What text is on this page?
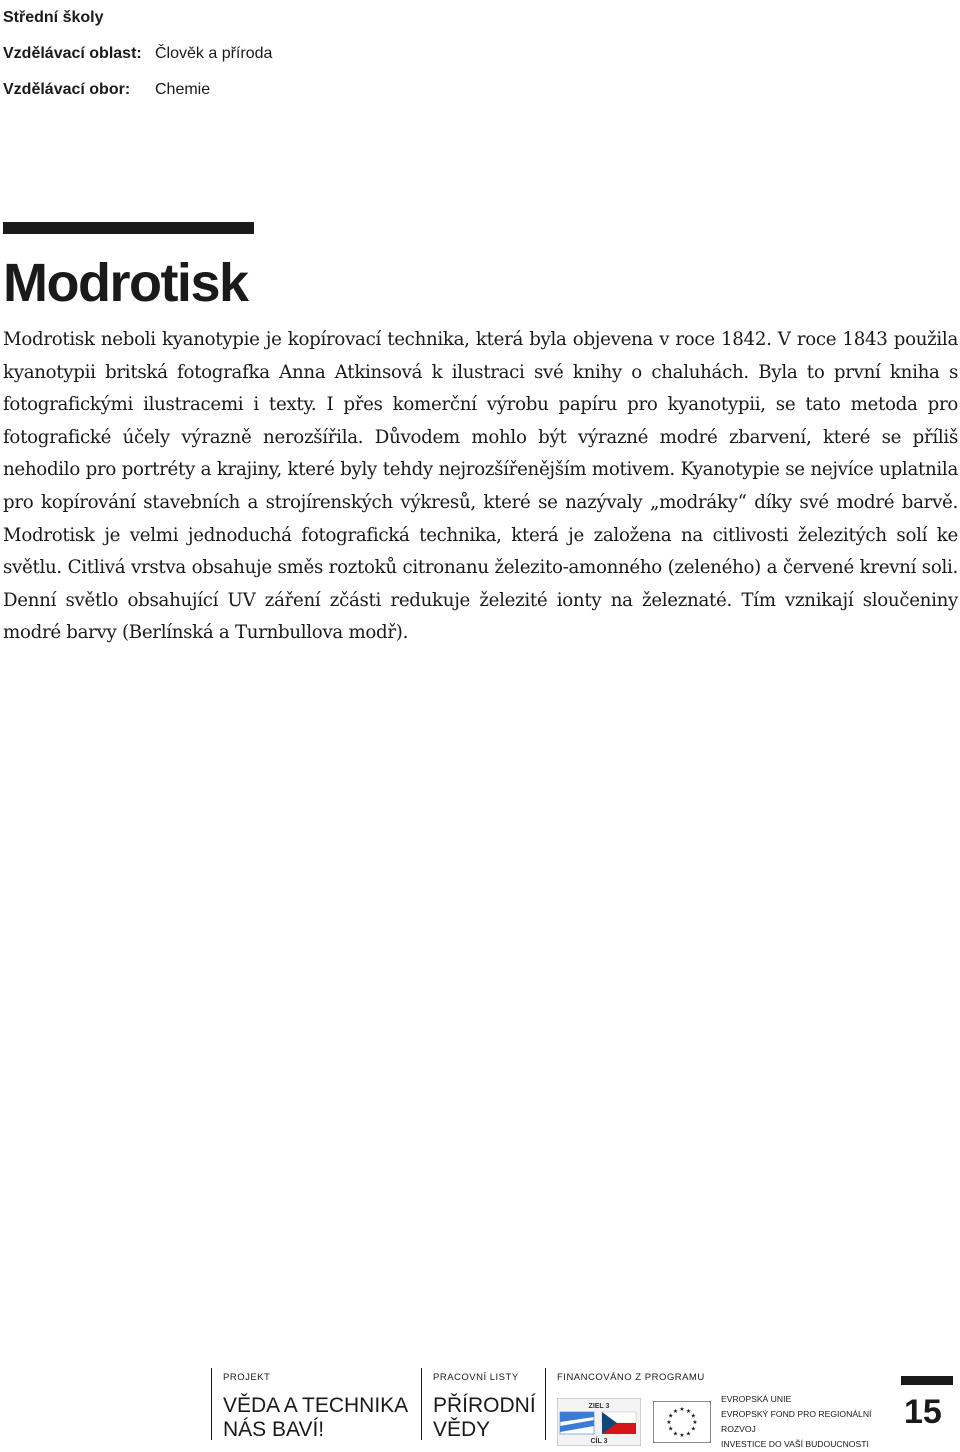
Střední školy
Vzdělávací oblast: Člověk a příroda
Vzdělávací obor:	Chemie
Modrotisk

Modrotisk neboli kyanotypie je kopírovací technika, která byla objevena v roce 1842. V roce 1843 použila kyanotypii britská fotografka Anna Atkinsová k ilustraci své knihy o chaluhách. Byla to první kniha s fotografickými ilustracemi i texty. I přes komerční výrobu papíru pro kyanotypii, se tato metoda pro fotografické účely výrazně nerozšířila. Důvodem mohlo být výrazné modré zbarvení, které se příliš nehodilo pro portréty a krajiny, které byly tehdy nejrozšířenějším motivem. Kyanotypie se nejvíce uplatnila pro kopírování stavebních a strojírenských výkresů, které se nazývaly „modráky“ díky své modré barvě. Modrotisk je velmi jednoduchá fotografická technika, která je založena na citlivosti železitých solí ke světlu. Citlivá vrstva obsahuje směs roztoků citronanu železito-amonného (zeleného) a červené krevní soli. Denní světlo obsahující UV záření zčásti redukuje železité ionty na železnaté. Tím vznikají sloučeniny modré barvy (Berlínská a Turnbullova modř).

PROJEKT
VĚDA A TECHNIKA
NÁS BAVÍ!
PRACOVNÍ LISTY
PŘÍRODNÍ
VĚDY
FINANCOVÁNO Z PROGRAMU
ZIEL 3
CÍL 3
★ ★
★
★
★
★
★
★
★
★
★
★
EVROPSKÁ UNIE
EVROPSKÝ FOND PRO REGIONÁLNÍ ROZVOJ
INVESTICE DO VAŠÍ BUDOUCNOSTI
15
